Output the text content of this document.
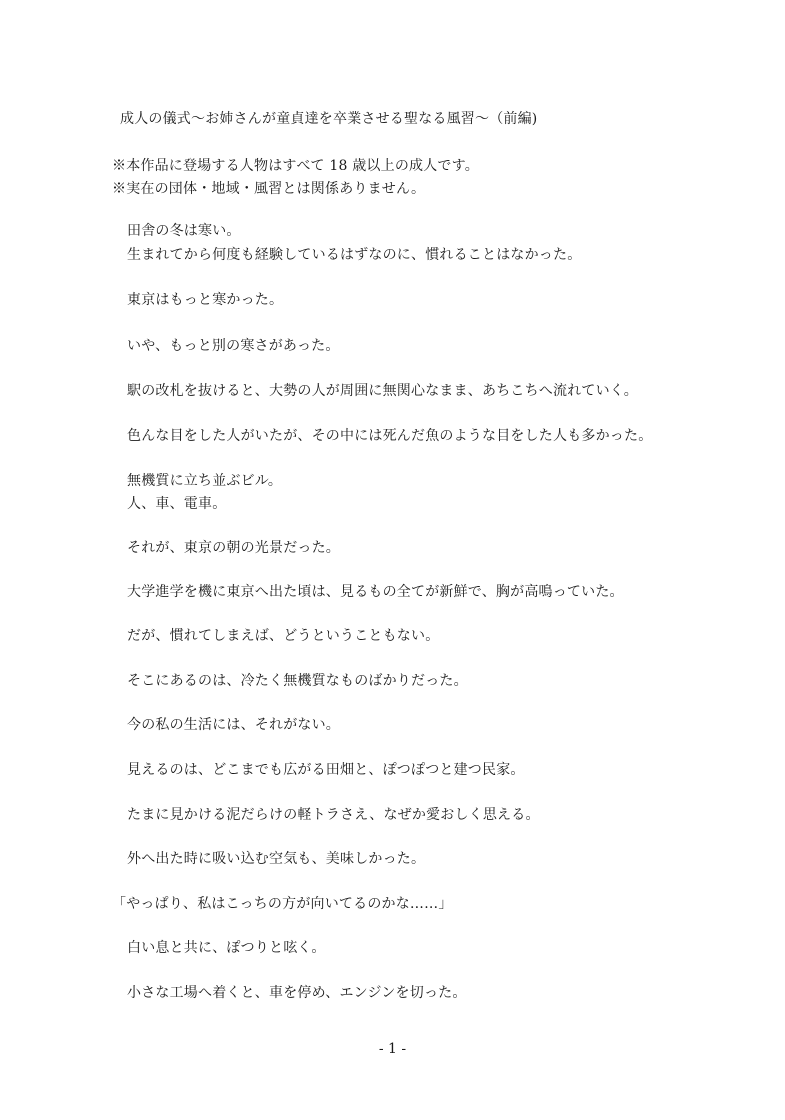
成人の儀式〜お姉さんが童貞達を卒業させる聖なる風習〜（前編)
※本作品に登場する人物はすべて 18 歳以上の成人です。
※実在の団体・地域・風習とは関係ありません。
田舎の冬は寒い。
生まれてから何度も経験しているはずなのに、慣れることはなかった。
東京はもっと寒かった。
いや、もっと別の寒さがあった。
駅の改札を抜けると、大勢の人が周囲に無関心なまま、あちこちへ流れていく。
色んな目をした人がいたが、その中には死んだ魚のような目をした人も多かった。
無機質に立ち並ぶビル。
人、車、電車。
それが、東京の朝の光景だった。
大学進学を機に東京へ出た頃は、見るもの全てが新鮮で、胸が高鳴っていた。
だが、慣れてしまえば、どうということもない。
そこにあるのは、冷たく無機質なものばかりだった。
今の私の生活には、それがない。
見えるのは、どこまでも広がる田畑と、ぽつぽつと建つ民家。
たまに見かける泥だらけの軽トラさえ、なぜか愛おしく思える。
外へ出た時に吸い込む空気も、美味しかった。
「やっぱり、私はこっちの方が向いてるのかな……」
白い息と共に、ぽつりと呟く。
小さな工場へ着くと、車を停め、エンジンを切った。
- 1 -
